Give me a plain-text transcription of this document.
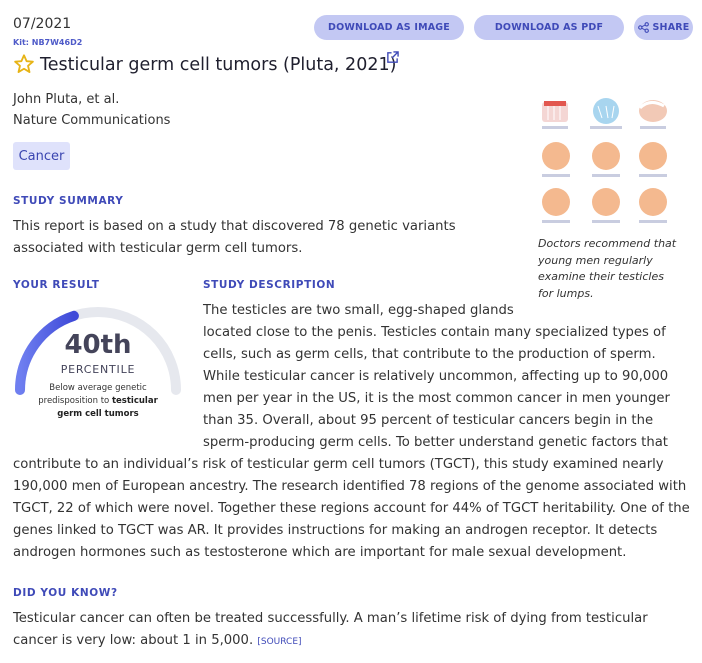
07/2021
Kit: NB7W46D2
DOWNLOAD AS IMAGE	DOWNLOAD AS PDF	SHARE
Testicular germ cell tumors (Pluta, 2021)
John Pluta, et al.
Nature Communications
Cancer
STUDY SUMMARY
This report is based on a study that discovered 78 genetic variants
associated with testicular germ cell tumors.	Doctors recommend that
young men regularly
examine their testicles
for lumps.
YOUR RESULT
40th
PERCENTILE
Below average genetic
predisposition to testicular
germ cell tumors
STUDY DESCRIPTION
The testicles are two small, egg-shaped glands
located close to the penis. Testicles contain many specialized types of
cells, such as germ cells, that contribute to the production of sperm.
While testicular cancer is relatively uncommon, affecting up to 90,000
men per year in the US, it is the most common cancer in men younger
than 35. Overall, about 95 percent of testicular cancers begin in the
sperm-producing germ cells. To better understand genetic factors that
contribute to an individual’s risk of testicular germ cell tumors (TGCT), this study examined nearly
190,000 men of European ancestry. The research identified 78 regions of the genome associated with
TGCT, 22 of which were novel. Together these regions account for 44% of TGCT heritability. One of the
genes linked to TGCT was AR. It provides instructions for making an androgen receptor. It detects
androgen hormones such as testosterone which are important for male sexual development.
DID YOU KNOW?
Testicular cancer can often be treated successfully. A man’s lifetime risk of dying from testicular
cancer is very low: about 1 in 5,000. [SOURCE]
